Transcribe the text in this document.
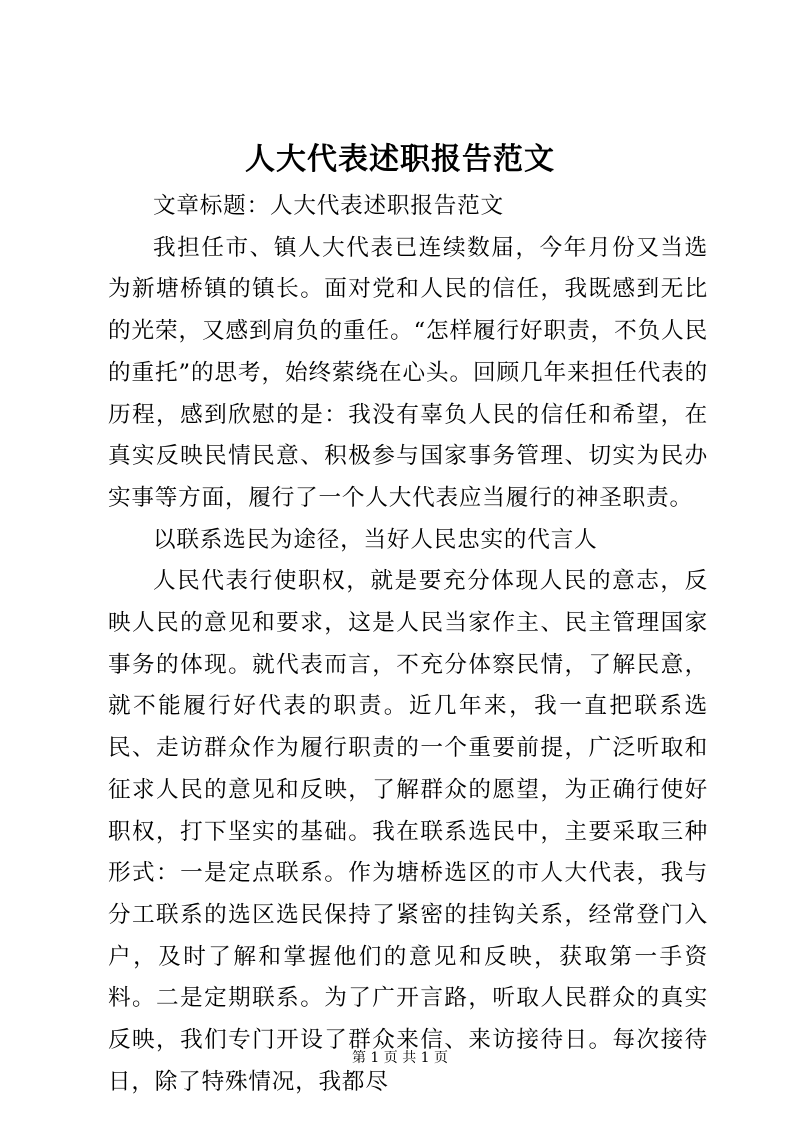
人大代表述职报告范文

文章标题：人大代表述职报告范文

我担任市、镇人大代表已连续数届，今年月份又当选为新塘桥镇的镇长。面对党和人民的信任，我既感到无比的光荣，又感到肩负的重任。“怎样履行好职责，不负人民的重托”的思考，始终萦绕在心头。回顾几年来担任代表的历程，感到欣慰的是：我没有辜负人民的信任和希望，在真实反映民情民意、积极参与国家事务管理、切实为民办实事等方面，履行了一个人大代表应当履行的神圣职责。

以联系选民为途径，当好人民忠实的代言人

人民代表行使职权，就是要充分体现人民的意志，反映人民的意见和要求，这是人民当家作主、民主管理国家事务的体现。就代表而言，不充分体察民情，了解民意，就不能履行好代表的职责。近几年来，我一直把联系选民、走访群众作为履行职责的一个重要前提，广泛听取和征求人民的意见和反映，了解群众的愿望，为正确行使好职权，打下坚实的基础。我在联系选民中，主要采取三种形式：一是定点联系。作为塘桥选区的市人大代表，我与分工联系的选区选民保持了紧密的挂钩关系，经常登门入户，及时了解和掌握他们的意见和反映，获取第一手资料。二是定期联系。为了广开言路，听取人民群众的真实反映，我们专门开设了群众来信、来访接待日。每次接待日，除了特殊情况，我都尽

第 1 页 共 1 页
